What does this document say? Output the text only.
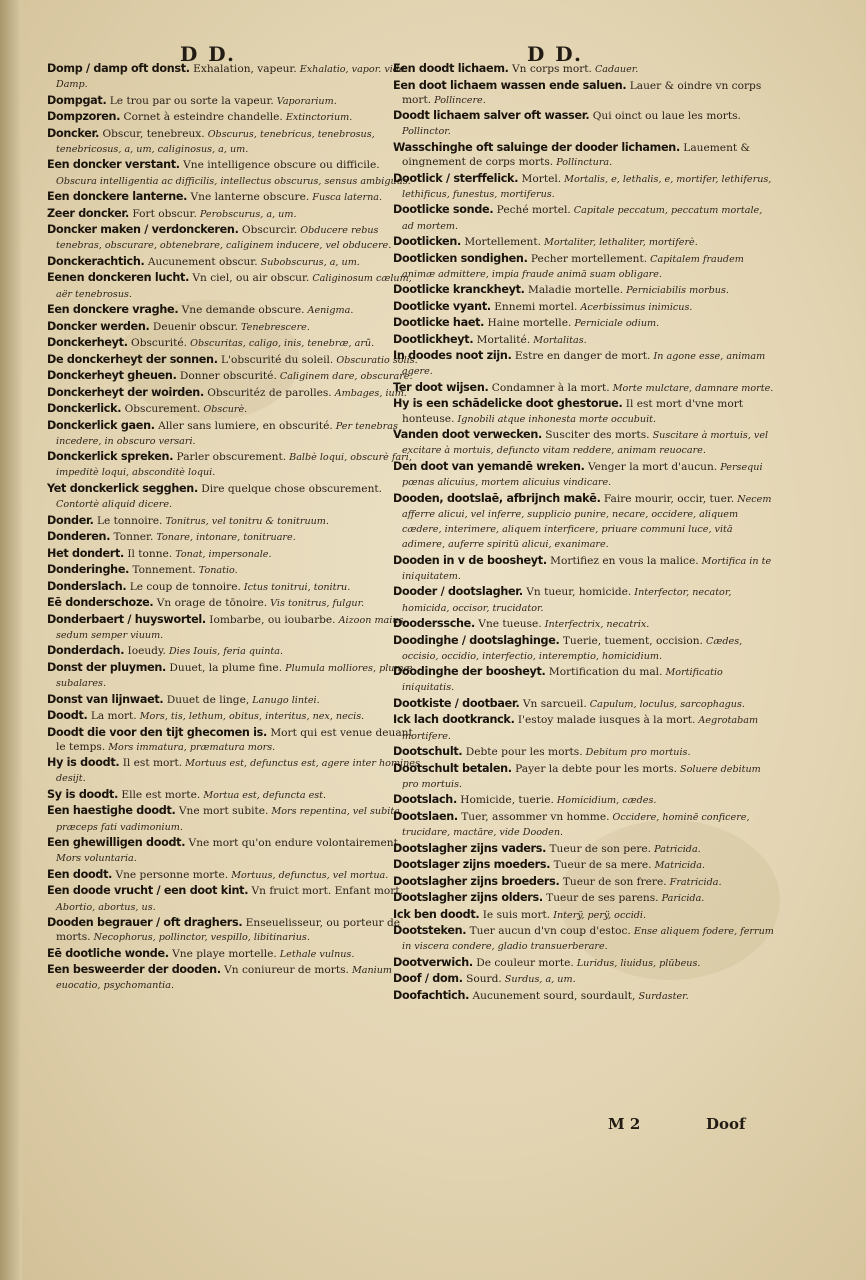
D D.	D D.
Domp / damp oft donst. Exhalation, vapeur. Exhalatio, vapor. vide Damp.
Dompgat. Le trou par ou sorte la vapeur. Vaporarium.
Dompzoren. Cornet à esteindre chandelle. Extinctorium.
Doncker. Obscur, tenebreux. Obscurus, tenebricus, tenebrosus, tenebricosus, a, um, caliginosus, a, um.
Een doncker verstant. Vne intelligence obscure ou difficile. Obscura intelligentia ac difficilis, intellectus obscurus, sensus ambiguus.
Een donckere lanterne. Vne lanterne obscure. Fusca laterna.
Zeer doncker. Fort obscur. Perobscurus, a, um.
Doncker maken / verdonckeren. Obscurcir. Obducere rebus tenebras, obscurare, obtenebrare, caliginem inducere, vel obducere.
Donckerachtich. Aucunement obscur. Subobscurus, a, um.
Eenen donckeren lucht. Vn ciel, ou air obscur. Caliginosum cælum, aër tenebrosus.
Een donckere vraghe. Vne demande obscure. Aenigma.
Doncker werden. Deuenir obscur. Tenebrescere.
Donckerheyt. Obscurité. Obscuritas, caligo, inis, tenebræ, arũ.
De donckerheyt der sonnen. L'obscurité du soleil. Obscuratio solis.
Donckerheyt gheuen. Donner obscurité. Caliginem dare, obscurare.
Donckerheyt der woirden. Obscuritéz de parolles. Ambages, ium.
Donckerlick. Obscurement. Obscurè.
Donckerlick gaen. Aller sans lumiere, en obscurité. Per tenebras incedere, in obscuro versari.
Donckerlick spreken. Parler obscurement. Balbè loqui, obscurè fari, impeditè loqui, absconditè loqui.
Yet donckerlick segghen. Dire quelque chose obscurement. Contortè aliquid dicere.
Donder. Le tonnoire. Tonitrus, vel tonitru & tonitruum.
Donderen. Tonner. Tonare, intonare, tonitruare.
Het dondert. Il tonne. Tonat, impersonale.
Donderinghe. Tonnement. Tonatio.
Donderslach. Le coup de tonnoire. Ictus tonitrui, tonitru.
Eē donderschoze. Vn orage de tōnoire. Vis tonitrus, fulgur.
Donderbaert / huyswortel. Iombarbe, ou ioubarbe. Aizoon maius, sedum semper viuum.
Donderdach. Ioeudy. Dies Iouis, feria quinta.
Donst der pluymen. Duuet, la plume fine. Plumula molliores, plumæ subalares.
Donst van lijnwaet. Duuet de linge, Lanugo lintei.
Doodt. La mort. Mors, tis, lethum, obitus, interitus, nex, necis.
Doodt die voor den tijt ghecomen is. Mort qui est venue deuant le temps. Mors immatura, præmatura mors.
Hy is doodt. Il est mort. Mortuus est, defunctus est, agere inter homines desijt.
Sy is doodt. Elle est morte. Mortua est, defuncta est.
Een haestighe doodt. Vne mort subite. Mors repentina, vel subita, præceps fati vadimonium.
Een ghewilligen doodt. Vne mort qu'on endure volontairement. Mors voluntaria.
Een doodt. Vne personne morte. Mortuus, defunctus, vel mortua.
Een doode vrucht / een doot kint. Vn fruict mort. Enfant mort. Abortio, abortus, us.
Dooden begrauer / oft draghers. Enseuelisseur, ou porteur de morts. Necophorus, pollinctor, vespillo, libitinarius.
Eē dootliche wonde. Vne playe mortelle. Lethale vulnus.
Een besweerder der dooden. Vn coniureur de morts. Manium euocatio, psychomantia.
Een doodt lichaem. Vn corps mort. Cadauer.
Een doot lichaem wassen ende saluen. Lauer & oindre vn corps mort. Pollincere.
Doodt lichaem salver oft wasser. Qui oinct ou laue les morts. Pollinctor.
Wasschinghe oft saluinge der dooder lichamen. Lauement & oingnement de corps morts. Pollinctura.
Dootlick / sterffelick. Mortel. Mortalis, e, lethalis, e, mortifer, lethiferus, lethificus, funestus, mortiferus.
Dootlicke sonde. Peché mortel. Capitale peccatum, peccatum mortale, ad mortem.
Dootlicken. Mortellement. Mortaliter, lethaliter, mortiferè.
Dootlicken sondighen. Pecher mortellement. Capitalem fraudem animæ admittere, impia fraude animā suam obligare.
Dootlicke kranckheyt. Maladie mortelle. Perniciabilis morbus.
Dootlicke vyant. Ennemi mortel. Acerbissimus inimicus.
Dootlicke haet. Haine mortelle. Perniciale odium.
Dootlickheyt. Mortalité. Mortalitas.
In doodes noot zijn. Estre en danger de mort. In agone esse, animam agere.
Ter doot wijsen. Condamner à la mort. Morte mulctare, damnare morte.
Hy is een schādelicke doot ghestorue. Il est mort d'vne mort honteuse. Ignobili atque inhonesta morte occubuit.
Vanden doot verwecken. Susciter des morts. Suscitare à mortuis, vel excitare à mortuis, defuncto vitam reddere, animam reuocare.
Den doot van yemandē wreken. Venger la mort d'aucun. Persequi pœnas alicuius, mortem alicuius vindicare.
Dooden, dootslaē, afbrijnch makē. Faire mourir, occir, tuer. Necem afferre alicui, vel inferre, supplicio punire, necare, occidere, aliquem cædere, interimere, aliquem interficere, priuare communi luce, vitā adimere, auferre spiritū alicui, exanimare.
Dooden in v de boosheyt. Mortifiez en vous la malice. Mortifica in te iniquitatem.
Dooder / dootslagher. Vn tueur, homicide. Interfector, necator, homicida, occisor, trucidator.
Dooderssche. Vne tueuse. Interfectrix, necatrix.
Doodinghe / dootslaghinge. Tuerie, tuement, occision. Cædes, occisio, occidio, interfectio, interemptio, homicidium.
Doodinghe der boosheyt. Mortification du mal. Mortificatio iniquitatis.
Dootkiste / dootbaer. Vn sarcueil. Capulum, loculus, sarcophagus.
Ick lach dootkranck. I'estoy malade iusques à la mort. Aegrotabam mortifere.
Dootschult. Debte pour les morts. Debitum pro mortuis.
Dootschult betalen. Payer la debte pour les morts. Soluere debitum pro mortuis.
Dootslach. Homicide, tuerie. Homicidium, cædes.
Dootslaen. Tuer, assommer vn homme. Occidere, hominē conficere, trucidare, mactāre, vide Dooden.
Dootslagher zijns vaders. Tueur de son pere. Patricida.
Dootslager zijns moeders. Tueur de sa mere. Matricida.
Dootslagher zijns broeders. Tueur de son frere. Fratricida.
Dootslagher zijns olders. Tueur de ses parens. Paricida.
Ick ben doodt. Ie suis mort. Interÿ, perÿ, occidi.
Dootsteken. Tuer aucun d'vn coup d'estoc. Ense aliquem fodere, ferrum in viscera condere, gladio transuerberare.
Dootverwich. De couleur morte. Luridus, liuidus, plūbeus.
Doof / dom. Sourd. Surdus, a, um.
Doofachtich. Aucunement sourd, sourdault, Surdaster.
M 2	Doof
